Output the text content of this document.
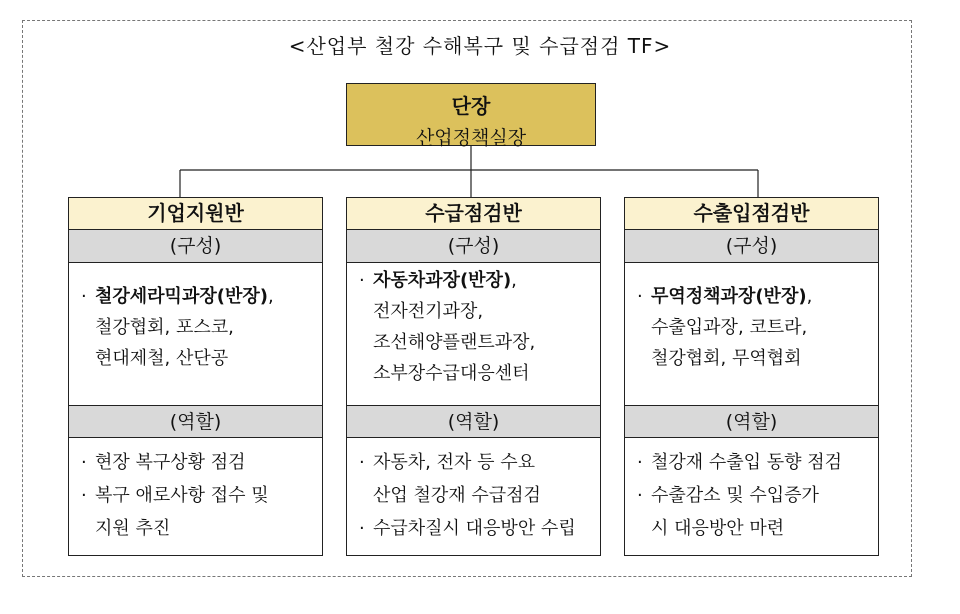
<산업부 철강 수해복구 및 수급점검 TF>
단장
산업정책실장
기업지원반
(구성)
· 철강세라믹과장(반장),
철강협회, 포스코,
현대제철, 산단공
(역할)
· 현장 복구상황 점검
· 복구 애로사항 접수 및
지원 추진
수급점검반
(구성)
· 자동차과장(반장),
전자전기과장,
조선해양플랜트과장,
소부장수급대응센터
(역할)
· 자동차, 전자 등 수요
산업 철강재 수급점검
· 수급차질시 대응방안 수립
수출입점검반
(구성)
· 무역정책과장(반장),
수출입과장, 코트라,
철강협회, 무역협회
(역할)
· 철강재 수출입 동향 점검
· 수출감소 및 수입증가
시 대응방안 마련
